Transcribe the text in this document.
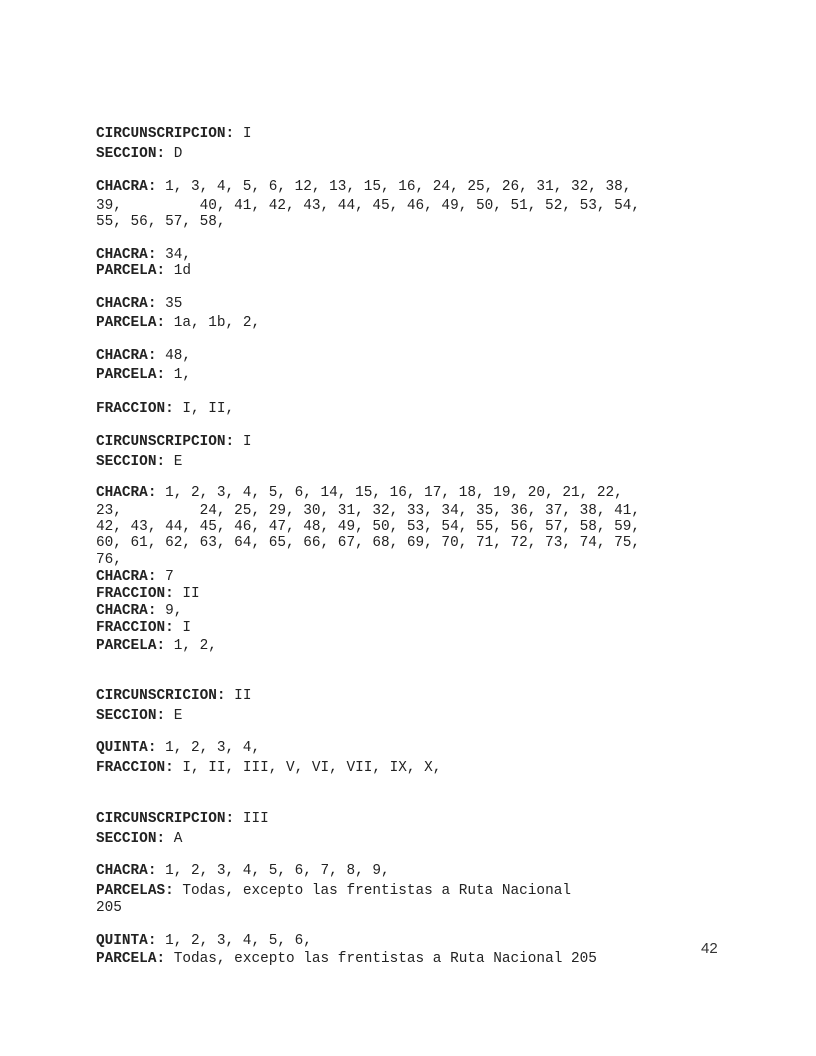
CIRCUNSCRIPCION: I
SECCION: D
CHACRA: 1, 3, 4, 5, 6, 12, 13, 15, 16, 24, 25, 26, 31, 32, 38,
39,         40, 41, 42, 43, 44, 45, 46, 49, 50, 51, 52, 53, 54,
55, 56, 57, 58,
CHACRA: 34,
PARCELA: 1d
CHACRA: 35
PARCELA: 1a, 1b, 2,
CHACRA: 48,
PARCELA: 1,
FRACCION: I, II,
CIRCUNSCRIPCION: I
SECCION: E
CHACRA: 1, 2, 3, 4, 5, 6, 14, 15, 16, 17, 18, 19, 20, 21, 22,
23,         24, 25, 29, 30, 31, 32, 33, 34, 35, 36, 37, 38, 41,
42, 43, 44, 45, 46, 47, 48, 49, 50, 53, 54, 55, 56, 57, 58, 59,
60, 61, 62, 63, 64, 65, 66, 67, 68, 69, 70, 71, 72, 73, 74, 75,
76,
CHACRA: 7
FRACCION: II
CHACRA: 9,
FRACCION: I
PARCELA: 1, 2,
CIRCUNSCRICION: II
SECCION: E
QUINTA: 1, 2, 3, 4,
FRACCION: I, II, III, V, VI, VII, IX, X,
CIRCUNSCRIPCION: III
SECCION: A
CHACRA: 1, 2, 3, 4, 5, 6, 7, 8, 9,
PARCELAS: Todas, excepto las frentistas a Ruta Nacional
205
QUINTA: 1, 2, 3, 4, 5, 6,
PARCELA: Todas, excepto las frentistas a Ruta Nacional 205
42
